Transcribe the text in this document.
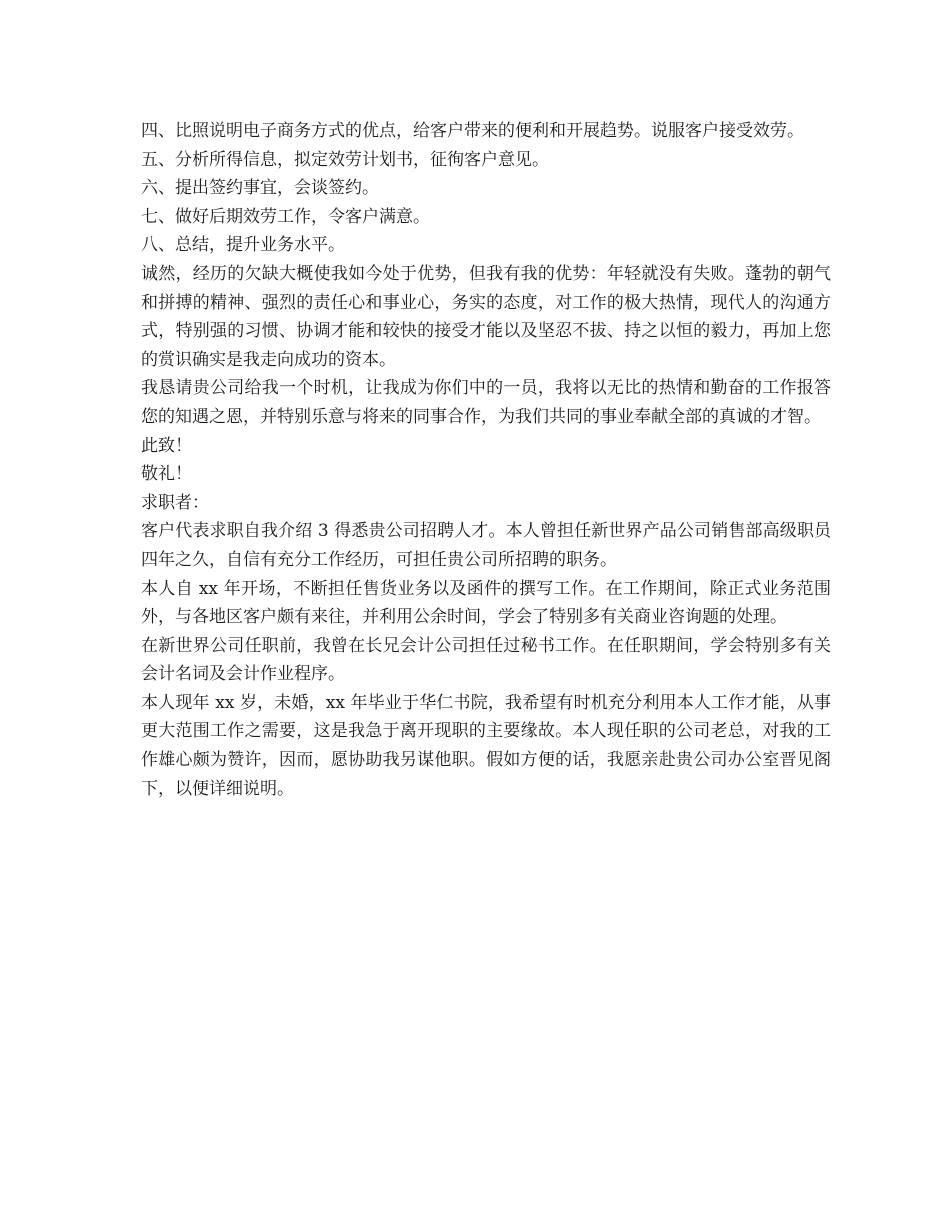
四、比照说明电子商务方式的优点，给客户带来的便利和开展趋势。说服客户接受效劳。

五、分析所得信息，拟定效劳计划书，征徇客户意见。

六、提出签约事宜，会谈签约。

七、做好后期效劳工作，令客户满意。

八、总结，提升业务水平。

诚然，经历的欠缺大概使我如今处于优势，但我有我的优势：年轻就没有失败。蓬勃的朝气和拼搏的精神、强烈的责任心和事业心，务实的态度，对工作的极大热情，现代人的沟通方式，特别强的习惯、协调才能和较快的接受才能以及坚忍不拔、持之以恒的毅力，再加上您的赏识确实是我走向成功的资本。

我恳请贵公司给我一个时机，让我成为你们中的一员，我将以无比的热情和勤奋的工作报答您的知遇之恩，并特别乐意与将来的同事合作，为我们共同的事业奉献全部的真诚的才智。

此致！

敬礼！

求职者：

客户代表求职自我介绍 3 得悉贵公司招聘人才。本人曾担任新世界产品公司销售部高级职员四年之久，自信有充分工作经历，可担任贵公司所招聘的职务。

本人自 xx 年开场，不断担任售货业务以及函件的撰写工作。在工作期间，除正式业务范围外，与各地区客户颇有来往，并利用公余时间，学会了特别多有关商业咨询题的处理。

在新世界公司任职前，我曾在长兄会计公司担任过秘书工作。在任职期间，学会特别多有关会计名词及会计作业程序。

本人现年 xx 岁，未婚，xx 年毕业于华仁书院，我希望有时机充分利用本人工作才能，从事更大范围工作之需要，这是我急于离开现职的主要缘故。本人现任职的公司老总，对我的工作雄心颇为赞许，因而，愿协助我另谋他职。假如方便的话，我愿亲赴贵公司办公室晋见阁下，以便详细说明。
